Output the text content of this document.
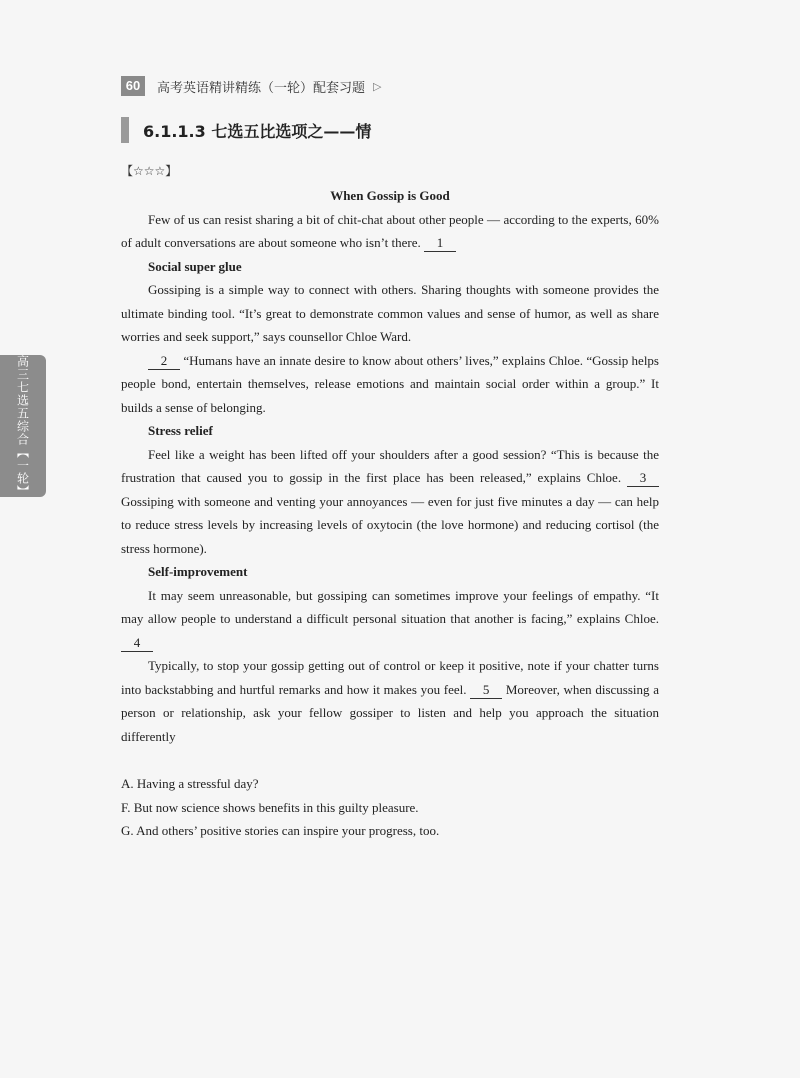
60	高考英语精讲精练（一轮）配套习题 ▷
6.1.1.3 七选五比选项之——情
【☆☆☆】

When Gossip is Good

Few of us can resist sharing a bit of chit-chat about other people — according to the experts, 60% of adult conversations are about someone who isn’t there. 1

Social super glue

Gossiping is a simple way to connect with others. Sharing thoughts with someone provides the ultimate binding tool. “It’s great to demonstrate common values and sense of humor, as well as share worries and seek support,” says counsellor Chloe Ward.

2 “Humans have an innate desire to know about others’ lives,” explains Chloe. “Gossip helps people bond, entertain themselves, release emotions and maintain social order within a group.” It builds a sense of belonging.

Stress relief

Feel like a weight has been lifted off your shoulders after a good session? “This is because the frustration that caused you to gossip in the first place has been released,” explains Chloe. 3 Gossiping with someone and venting your annoyances — even for just five minutes a day — can help to reduce stress levels by increasing levels of oxytocin (the love hormone) and reducing cortisol (the stress hormone).

Self-improvement

It may seem unreasonable, but gossiping can sometimes improve your feelings of empathy. “It may allow people to understand a difficult personal situation that another is facing,” explains Chloe. 4

Typically, to stop your gossip getting out of control or keep it positive, note if your chatter turns into backstabbing and hurtful remarks and how it makes you feel. 5 Moreover, when discussing a person or relationship, ask your fellow gossiper to listen and help you approach the situation differently

A. Having a stressful day?

F. But now science shows benefits in this guilty pleasure.

G. And others’ positive stories can inspire your progress, too.

高三七选五综合【一轮】
